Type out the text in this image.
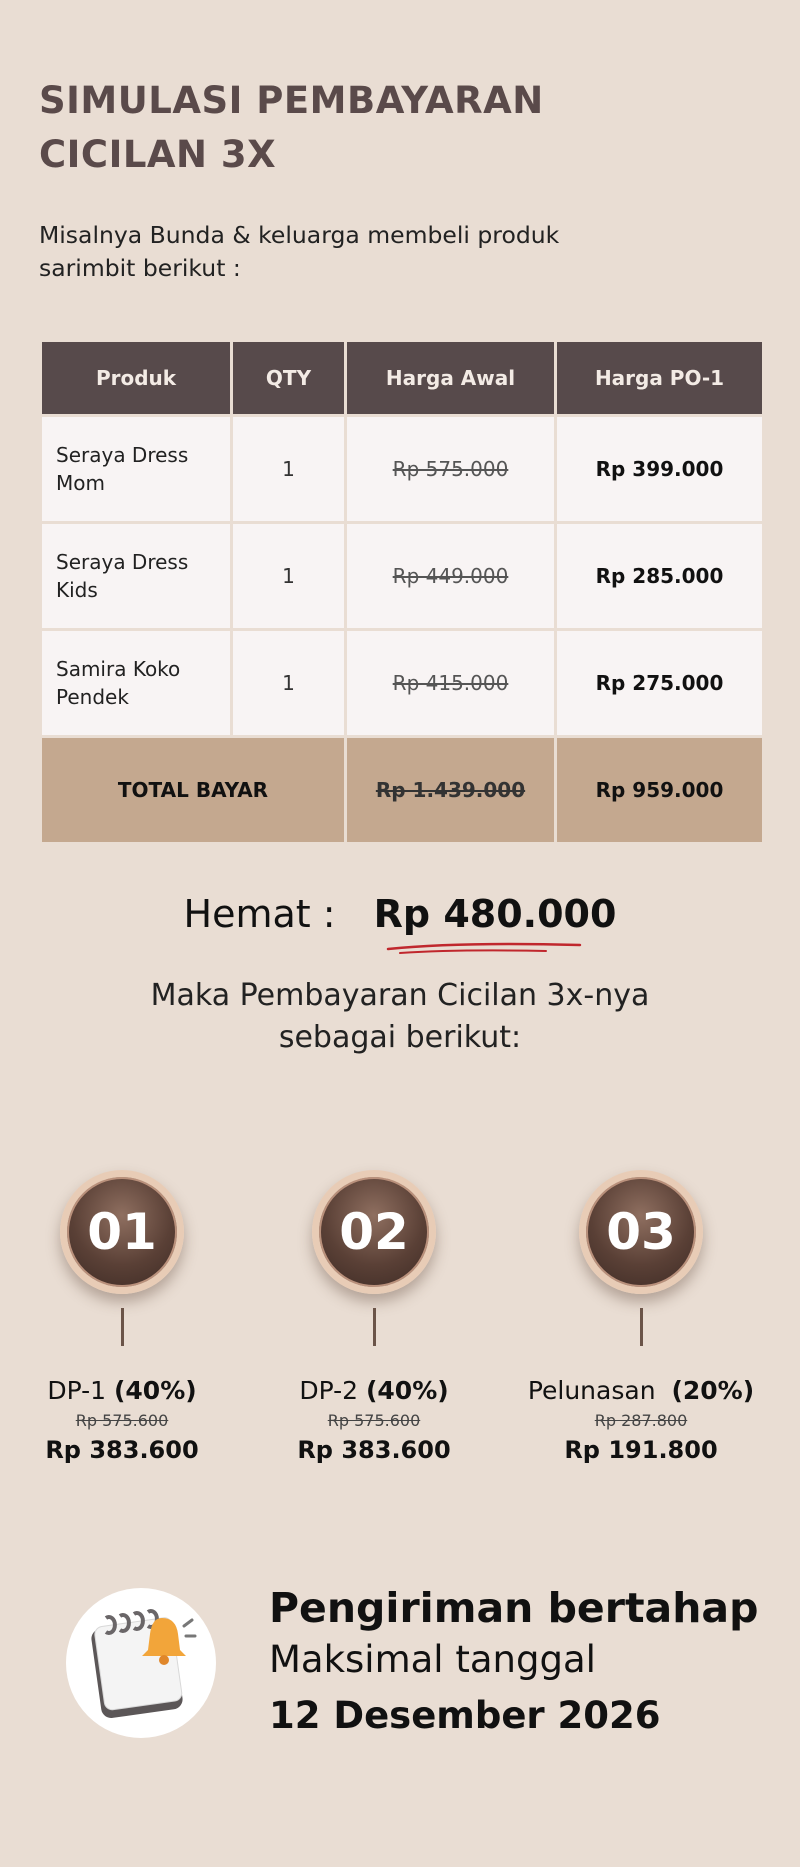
SIMULASI PEMBAYARAN
CICILAN 3X
Misalnya Bunda & keluarga membeli produk
sarimbit berikut :
Produk	QTY	Harga Awal	Harga PO-1

Seraya Dress
Mom	1	Rp 575.000	Rp 399.000

Seraya Dress
Kids	1	Rp 449.000	Rp 285.000

Samira Koko
Pendek	1	Rp 415.000	Rp 275.000
TOTAL BAYAR		Rp 1.439.000	Rp 959.000
Hemat : Rp 480.000
Maka Pembayaran Cicilan 3x-nya
sebagai berikut:
01
DP-1 (40%)
Rp 575.600
Rp 383.600
02
DP-2 (40%)
Rp 575.600
Rp 383.600
03
Pelunasan (20%)
Rp 287.800
Rp 191.800
Pengiriman bertahap
Maksimal tanggal
12 Desember 2026
